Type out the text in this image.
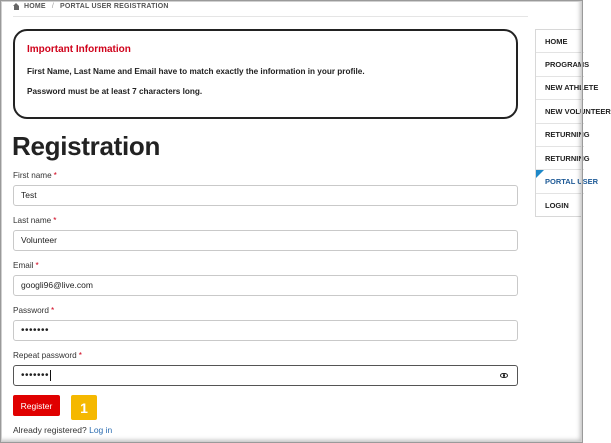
HOME / PORTAL USER REGISTRATION
Important Information
First Name, Last Name and Email have to match exactly the information in your profile.
Password must be at least 7 characters long.
Registration
First name *
Test
Last name *
Volunteer
Email *
googli96@live.com
Password *
•••••••
Repeat password *
•••••••
Register	1
Already registered? Log in
HOME
PROGRAMS
NEW ATHLETE
NEW VOLUNTEER
RETURNING
RETURNING
PORTAL USER
LOGIN
